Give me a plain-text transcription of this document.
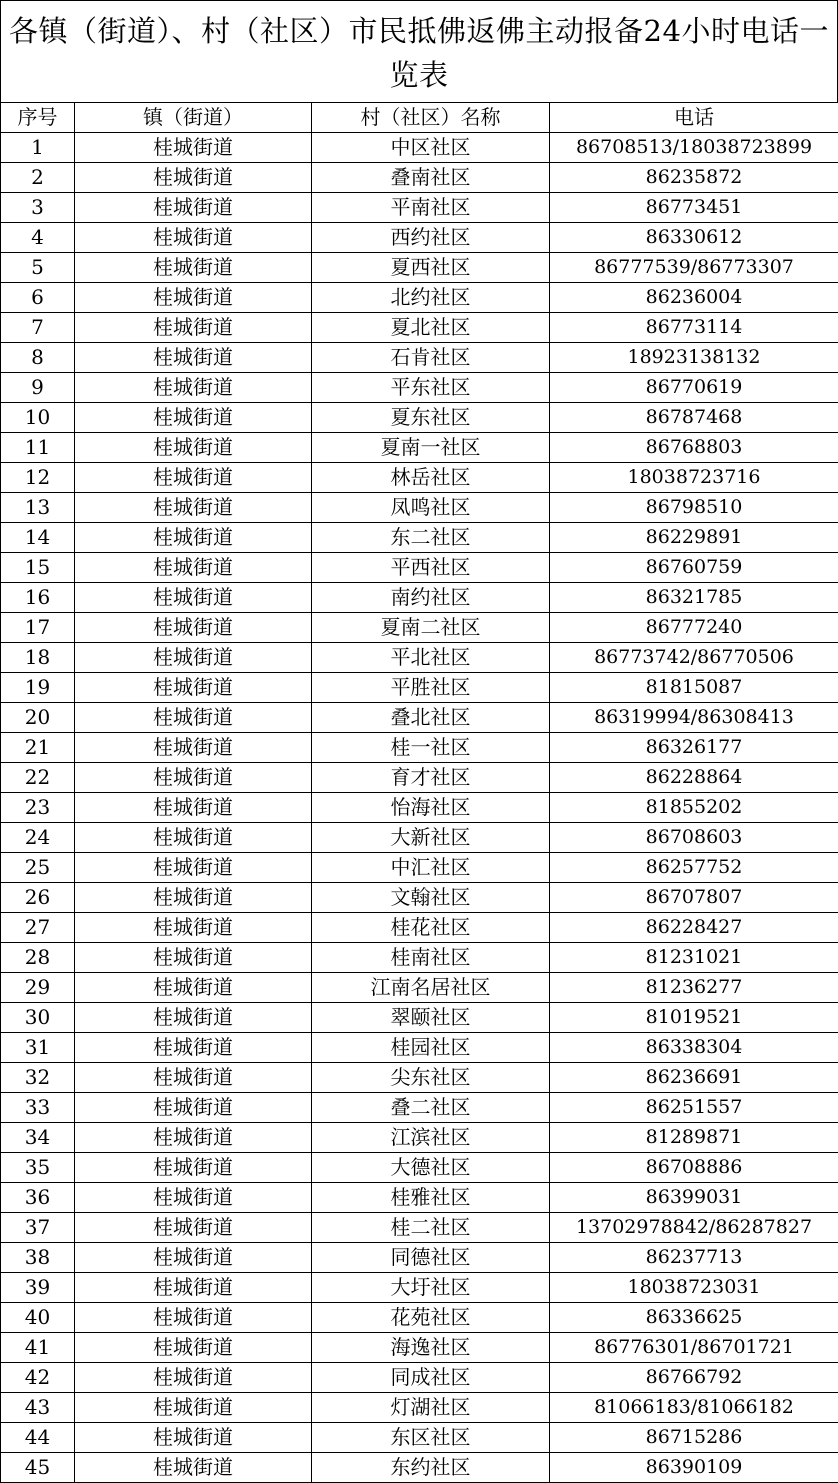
各镇（街道）、村（社区）市民抵佛返佛主动报备24小时电话一览表
序号	镇（街道）	村（社区）名称	电话
1	桂城街道	中区社区	86708513/18038723899
2	桂城街道	叠南社区	86235872
3	桂城街道	平南社区	86773451
4	桂城街道	西约社区	86330612
5	桂城街道	夏西社区	86777539/86773307
6	桂城街道	北约社区	86236004
7	桂城街道	夏北社区	86773114
8	桂城街道	石肯社区	18923138132
9	桂城街道	平东社区	86770619
10	桂城街道	夏东社区	86787468
11	桂城街道	夏南一社区	86768803
12	桂城街道	林岳社区	18038723716
13	桂城街道	凤鸣社区	86798510
14	桂城街道	东二社区	86229891
15	桂城街道	平西社区	86760759
16	桂城街道	南约社区	86321785
17	桂城街道	夏南二社区	86777240
18	桂城街道	平北社区	86773742/86770506
19	桂城街道	平胜社区	81815087
20	桂城街道	叠北社区	86319994/86308413
21	桂城街道	桂一社区	86326177
22	桂城街道	育才社区	86228864
23	桂城街道	怡海社区	81855202
24	桂城街道	大新社区	86708603
25	桂城街道	中汇社区	86257752
26	桂城街道	文翰社区	86707807
27	桂城街道	桂花社区	86228427
28	桂城街道	桂南社区	81231021
29	桂城街道	江南名居社区	81236277
30	桂城街道	翠颐社区	81019521
31	桂城街道	桂园社区	86338304
32	桂城街道	尖东社区	86236691
33	桂城街道	叠二社区	86251557
34	桂城街道	江滨社区	81289871
35	桂城街道	大德社区	86708886
36	桂城街道	桂雅社区	86399031
37	桂城街道	桂二社区	13702978842/86287827
38	桂城街道	同德社区	86237713
39	桂城街道	大圩社区	18038723031
40	桂城街道	花苑社区	86336625
41	桂城街道	海逸社区	86776301/86701721
42	桂城街道	同成社区	86766792
43	桂城街道	灯湖社区	81066183/81066182
44	桂城街道	东区社区	86715286
45	桂城街道	东约社区	86390109
